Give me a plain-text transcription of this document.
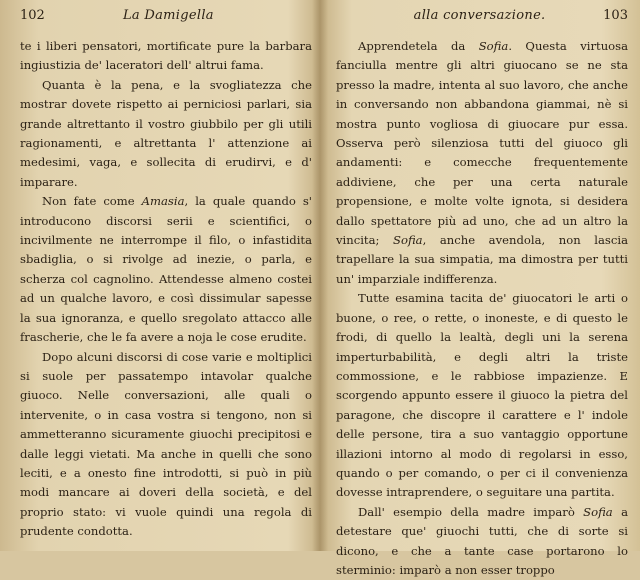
102	La Damigella

te i liberi pensatori, mortificate pure la barbara ingiustizia de' laceratori dell' altrui fama.

Quanta è la pena, e la svogliatezza che mostrar dovete rispetto ai perniciosi parlari, sia grande altrettanto il vostro giubbilo per gli utili ragionamenti, e altrettanta l' attenzione ai medesimi, vaga, e sollecita di erudirvi, e d' imparare.

Non fate come Amasia, la quale quando s' introducono discorsi serii e scientifici, o incivilmente ne interrompe il filo, o infastidita sbadiglia, o si rivolge ad inezie, o parla, e scherza col cagnolino. Attendesse almeno costei ad un qualche lavoro, e così dissimular sapesse la sua ignoranza, e quello sregolato attacco alle frascherie, che le fa avere a noja le cose erudite.

Dopo alcuni discorsi di cose varie e moltiplici si suole per passatempo intavolar qualche giuoco. Nelle conversazioni, alle quali o intervenite, o in casa vostra si tengono, non si ammetteranno sicuramente giuochi precipitosi e dalle leggi vietati. Ma anche in quelli che sono leciti, e a onesto fine introdotti, si può in più modi mancare ai doveri della società, e del proprio stato: vi vuole quindi una regola di prudente condotta.

alla conversazione.	103

Apprendetela da Sofia. Questa virtuosa fanciulla mentre gli altri giuocano se ne sta presso la madre, intenta al suo lavoro, che anche in conversando non abbandona giammai, nè si mostra punto vogliosa di giuocare pur essa. Osserva però silenziosa tutti del giuoco gli andamenti: e comecche frequentemente addiviene, che per una certa naturale propensione, e molte volte ignota, si desidera dallo spettatore più ad uno, che ad un altro la vincita; Sofia, anche avendola, non lascia trapellare la sua simpatia, ma dimostra per tutti un' imparziale indifferenza.

Tutte esamina tacita de' giuocatori le arti o buone, o ree, o rette, o inoneste, e di questo le frodi, di quello la lealtà, degli uni la serena imperturbabilità, e degli altri la triste commossione, e le rabbiose impazienze. E scorgendo appunto essere il giuoco la pietra del paragone, che discopre il carattere e l' indole delle persone, tira a suo vantaggio opportune illazioni intorno al modo di regolarsi in esso, quando o per comando, o per ci il convenienza dovesse intraprendere, o seguitare una partita.

Dall' esempio della madre imparò Sofia a detestare que' giuochi tutti, che di sorte si dicono, e che a tante case portarono lo sterminio: imparò a non esser troppo
